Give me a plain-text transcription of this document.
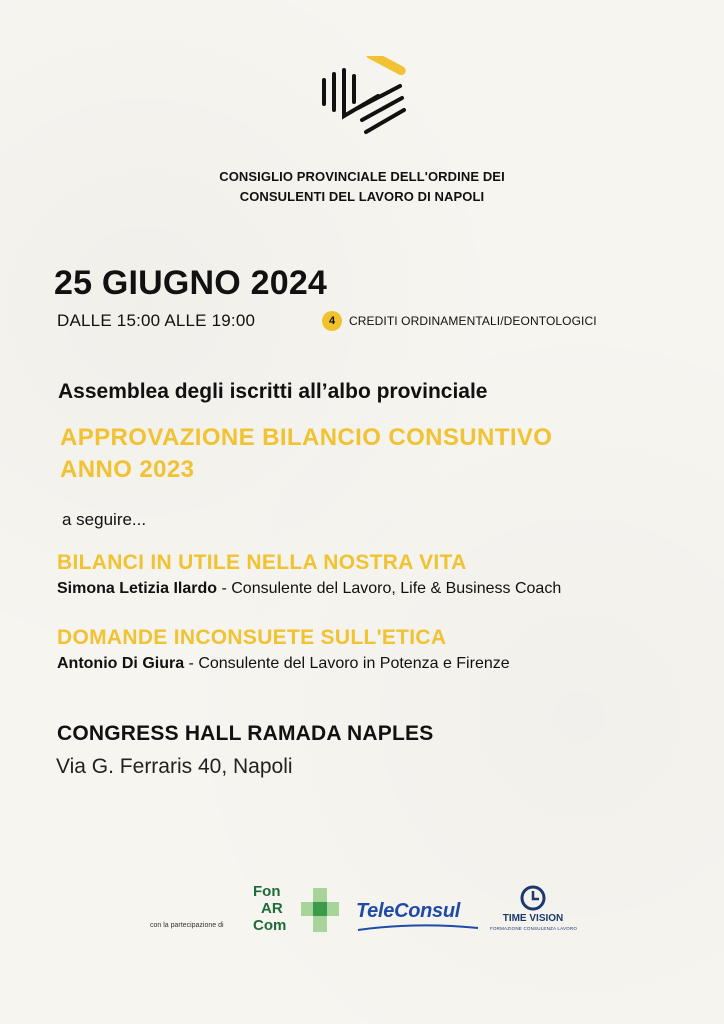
CONSIGLIO PROVINCIALE DELL'ORDINE DEI
CONSULENTI DEL LAVORO DI NAPOLI
25 GIUGNO 2024
DALLE 15:00 ALLE 19:00	4	CREDITI ORDINAMENTALI/DEONTOLOGICI
Assemblea degli iscritti all’albo provinciale
APPROVAZIONE BILANCIO CONSUNTIVO
ANNO 2023
a seguire...
BILANCI IN UTILE NELLA NOSTRA VITA
Simona Letizia Ilardo - Consulente del Lavoro, Life & Business Coach
DOMANDE INCONSUETE SULL'ETICA
Antonio Di Giura - Consulente del Lavoro in Potenza e Firenze
CONGRESS HALL RAMADA NAPLES
Via G. Ferraris 40, Napoli
con la partecipazione di
Fon
AR
Com
TeleConsul	TIME VISION
FORMAZIONE CONSULENZA LAVORO
